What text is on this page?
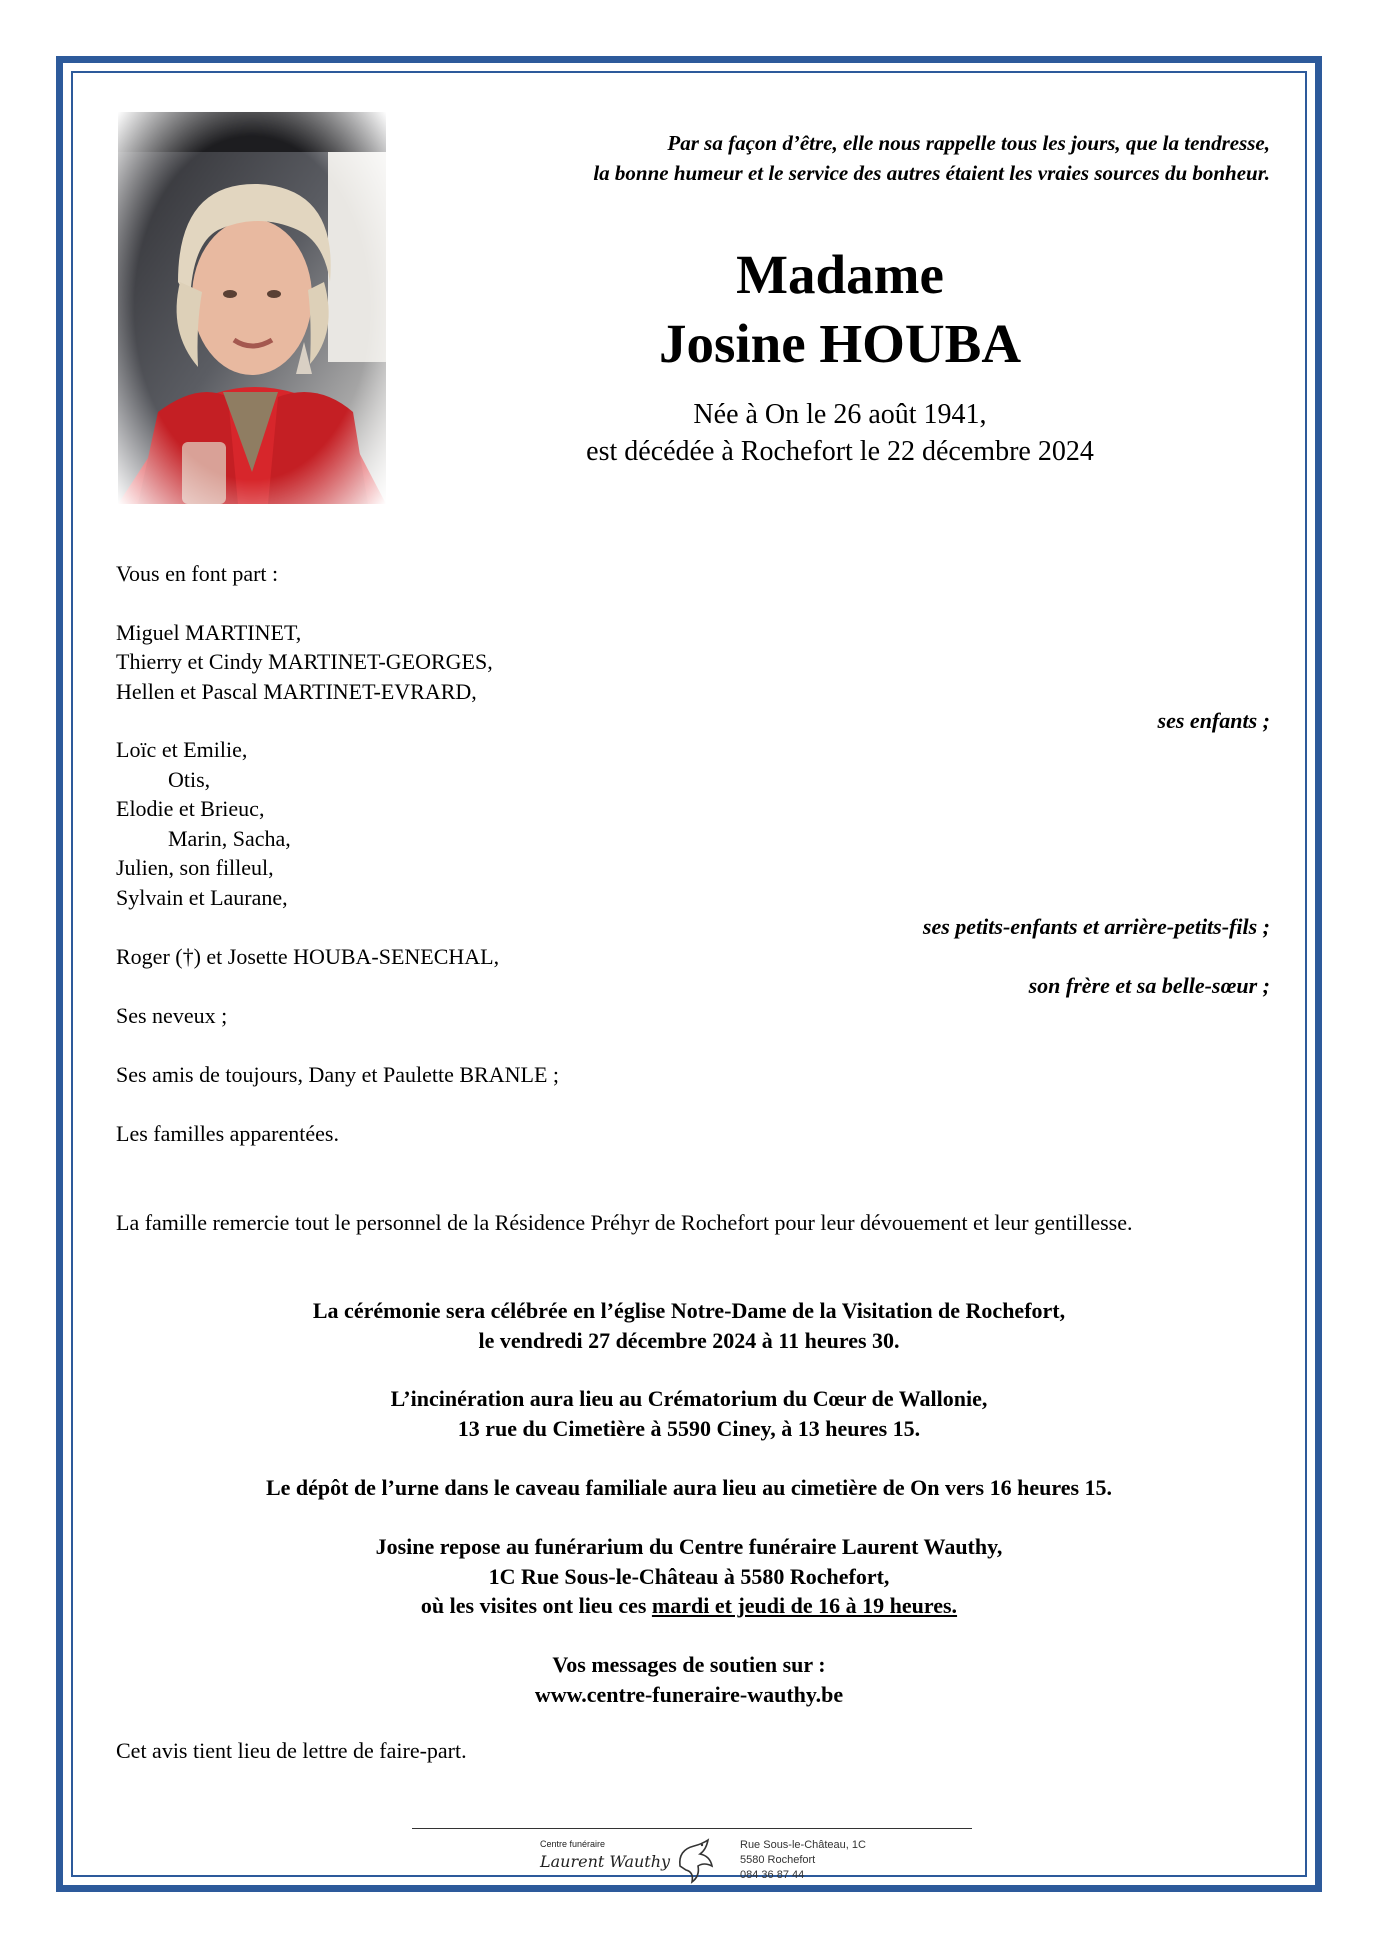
Par sa façon d’être, elle nous rappelle tous les jours, que la tendresse,
la bonne humeur et le service des autres étaient les vraies sources du bonheur.
Madame
Josine HOUBA
Née à On le 26 août 1941,
est décédée à Rochefort le 22 décembre 2024
Vous en font part :
Miguel MARTINET,
Thierry et Cindy MARTINET-GEORGES,
Hellen et Pascal MARTINET-EVRARD,
ses enfants ;
Loïc et Emilie,
Otis,
Elodie et Brieuc,
Marin, Sacha,
Julien, son filleul,
Sylvain et Laurane,
ses petits-enfants et arrière-petits-fils ;
Roger (†) et Josette HOUBA-SENECHAL,
son frère et sa belle-sœur ;
Ses neveux ;
Ses amis de toujours, Dany et Paulette BRANLE ;
Les familles apparentées.
La famille remercie tout le personnel de la Résidence Préhyr de Rochefort pour leur dévouement et leur gentillesse.
La cérémonie sera célébrée en l’église Notre-Dame de la Visitation de Rochefort,
le vendredi 27 décembre 2024 à 11 heures 30.
L’incinération aura lieu au Crématorium du Cœur de Wallonie,
13 rue du Cimetière à 5590 Ciney, à 13 heures 15.
Le dépôt de l’urne dans le caveau familiale aura lieu au cimetière de On vers 16 heures 15.
Josine repose au funérarium du Centre funéraire Laurent Wauthy,
1C Rue Sous-le-Château à 5580 Rochefort,
où les visites ont lieu ces mardi et jeudi de 16 à 19 heures.
Vos messages de soutien sur :
www.centre-funeraire-wauthy.be
Cet avis tient lieu de lettre de faire-part.
Centre funéraire
Laurent Wauthy
Rue Sous-le-Château, 1C
5580 Rochefort
084 36 87 44
